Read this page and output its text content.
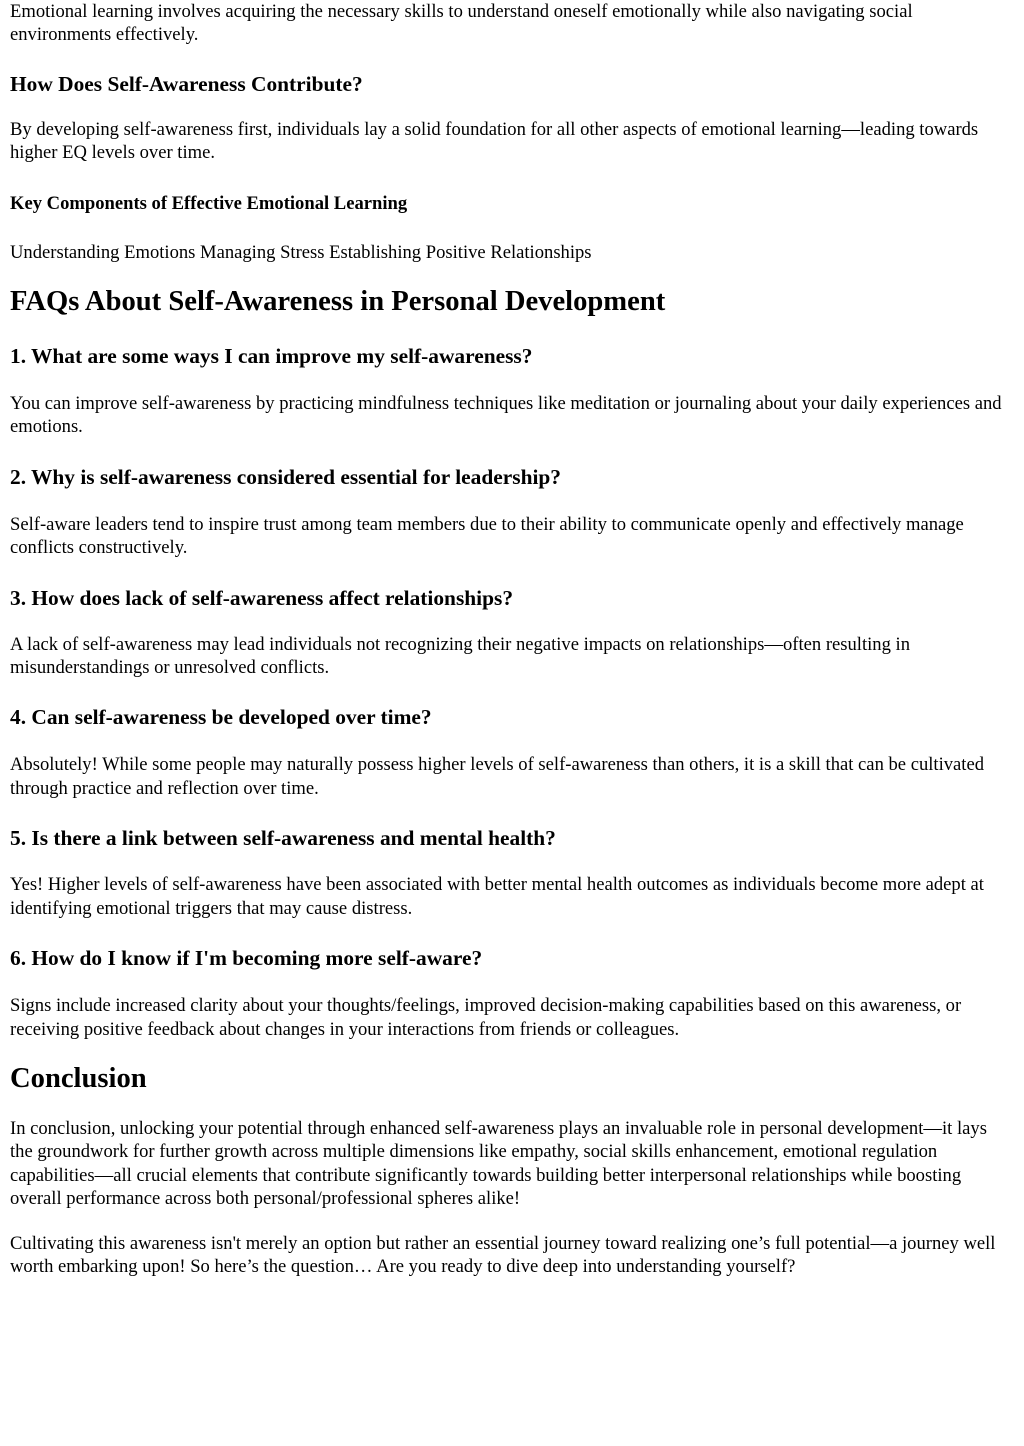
Emotional learning involves acquiring the necessary skills to understand oneself emotionally while also navigating social environments effectively.

How Does Self-Awareness Contribute?

By developing self-awareness first, individuals lay a solid foundation for all other aspects of emotional learning—leading towards higher EQ levels over time.

Key Components of Effective Emotional Learning

Understanding Emotions Managing Stress Establishing Positive Relationships

FAQs About Self-Awareness in Personal Development
1. What are some ways I can improve my self-awareness?

You can improve self-awareness by practicing mindfulness techniques like meditation or journaling about your daily experiences and emotions.

2. Why is self-awareness considered essential for leadership?

Self-aware leaders tend to inspire trust among team members due to their ability to communicate openly and effectively manage conflicts constructively.

3. How does lack of self-awareness affect relationships?

A lack of self-awareness may lead individuals not recognizing their negative impacts on relationships—often resulting in misunderstandings or unresolved conflicts.

4. Can self-awareness be developed over time?

Absolutely! While some people may naturally possess higher levels of self-awareness than others, it is a skill that can be cultivated through practice and reflection over time.

5. Is there a link between self-awareness and mental health?

Yes! Higher levels of self-awareness have been associated with better mental health outcomes as individuals become more adept at identifying emotional triggers that may cause distress.

6. How do I know if I'm becoming more self-aware?

Signs include increased clarity about your thoughts/feelings, improved decision-making capabilities based on this awareness, or receiving positive feedback about changes in your interactions from friends or colleagues.

Conclusion

In conclusion, unlocking your potential through enhanced self-awareness plays an invaluable role in personal development—it lays the groundwork for further growth across multiple dimensions like empathy, social skills enhancement, emotional regulation capabilities—all crucial elements that contribute significantly towards building better interpersonal relationships while boosting overall performance across both personal/professional spheres alike!

Cultivating this awareness isn't merely an option but rather an essential journey toward realizing one’s full potential—a journey well worth embarking upon! So here’s the question… Are you ready to dive deep into understanding yourself?
